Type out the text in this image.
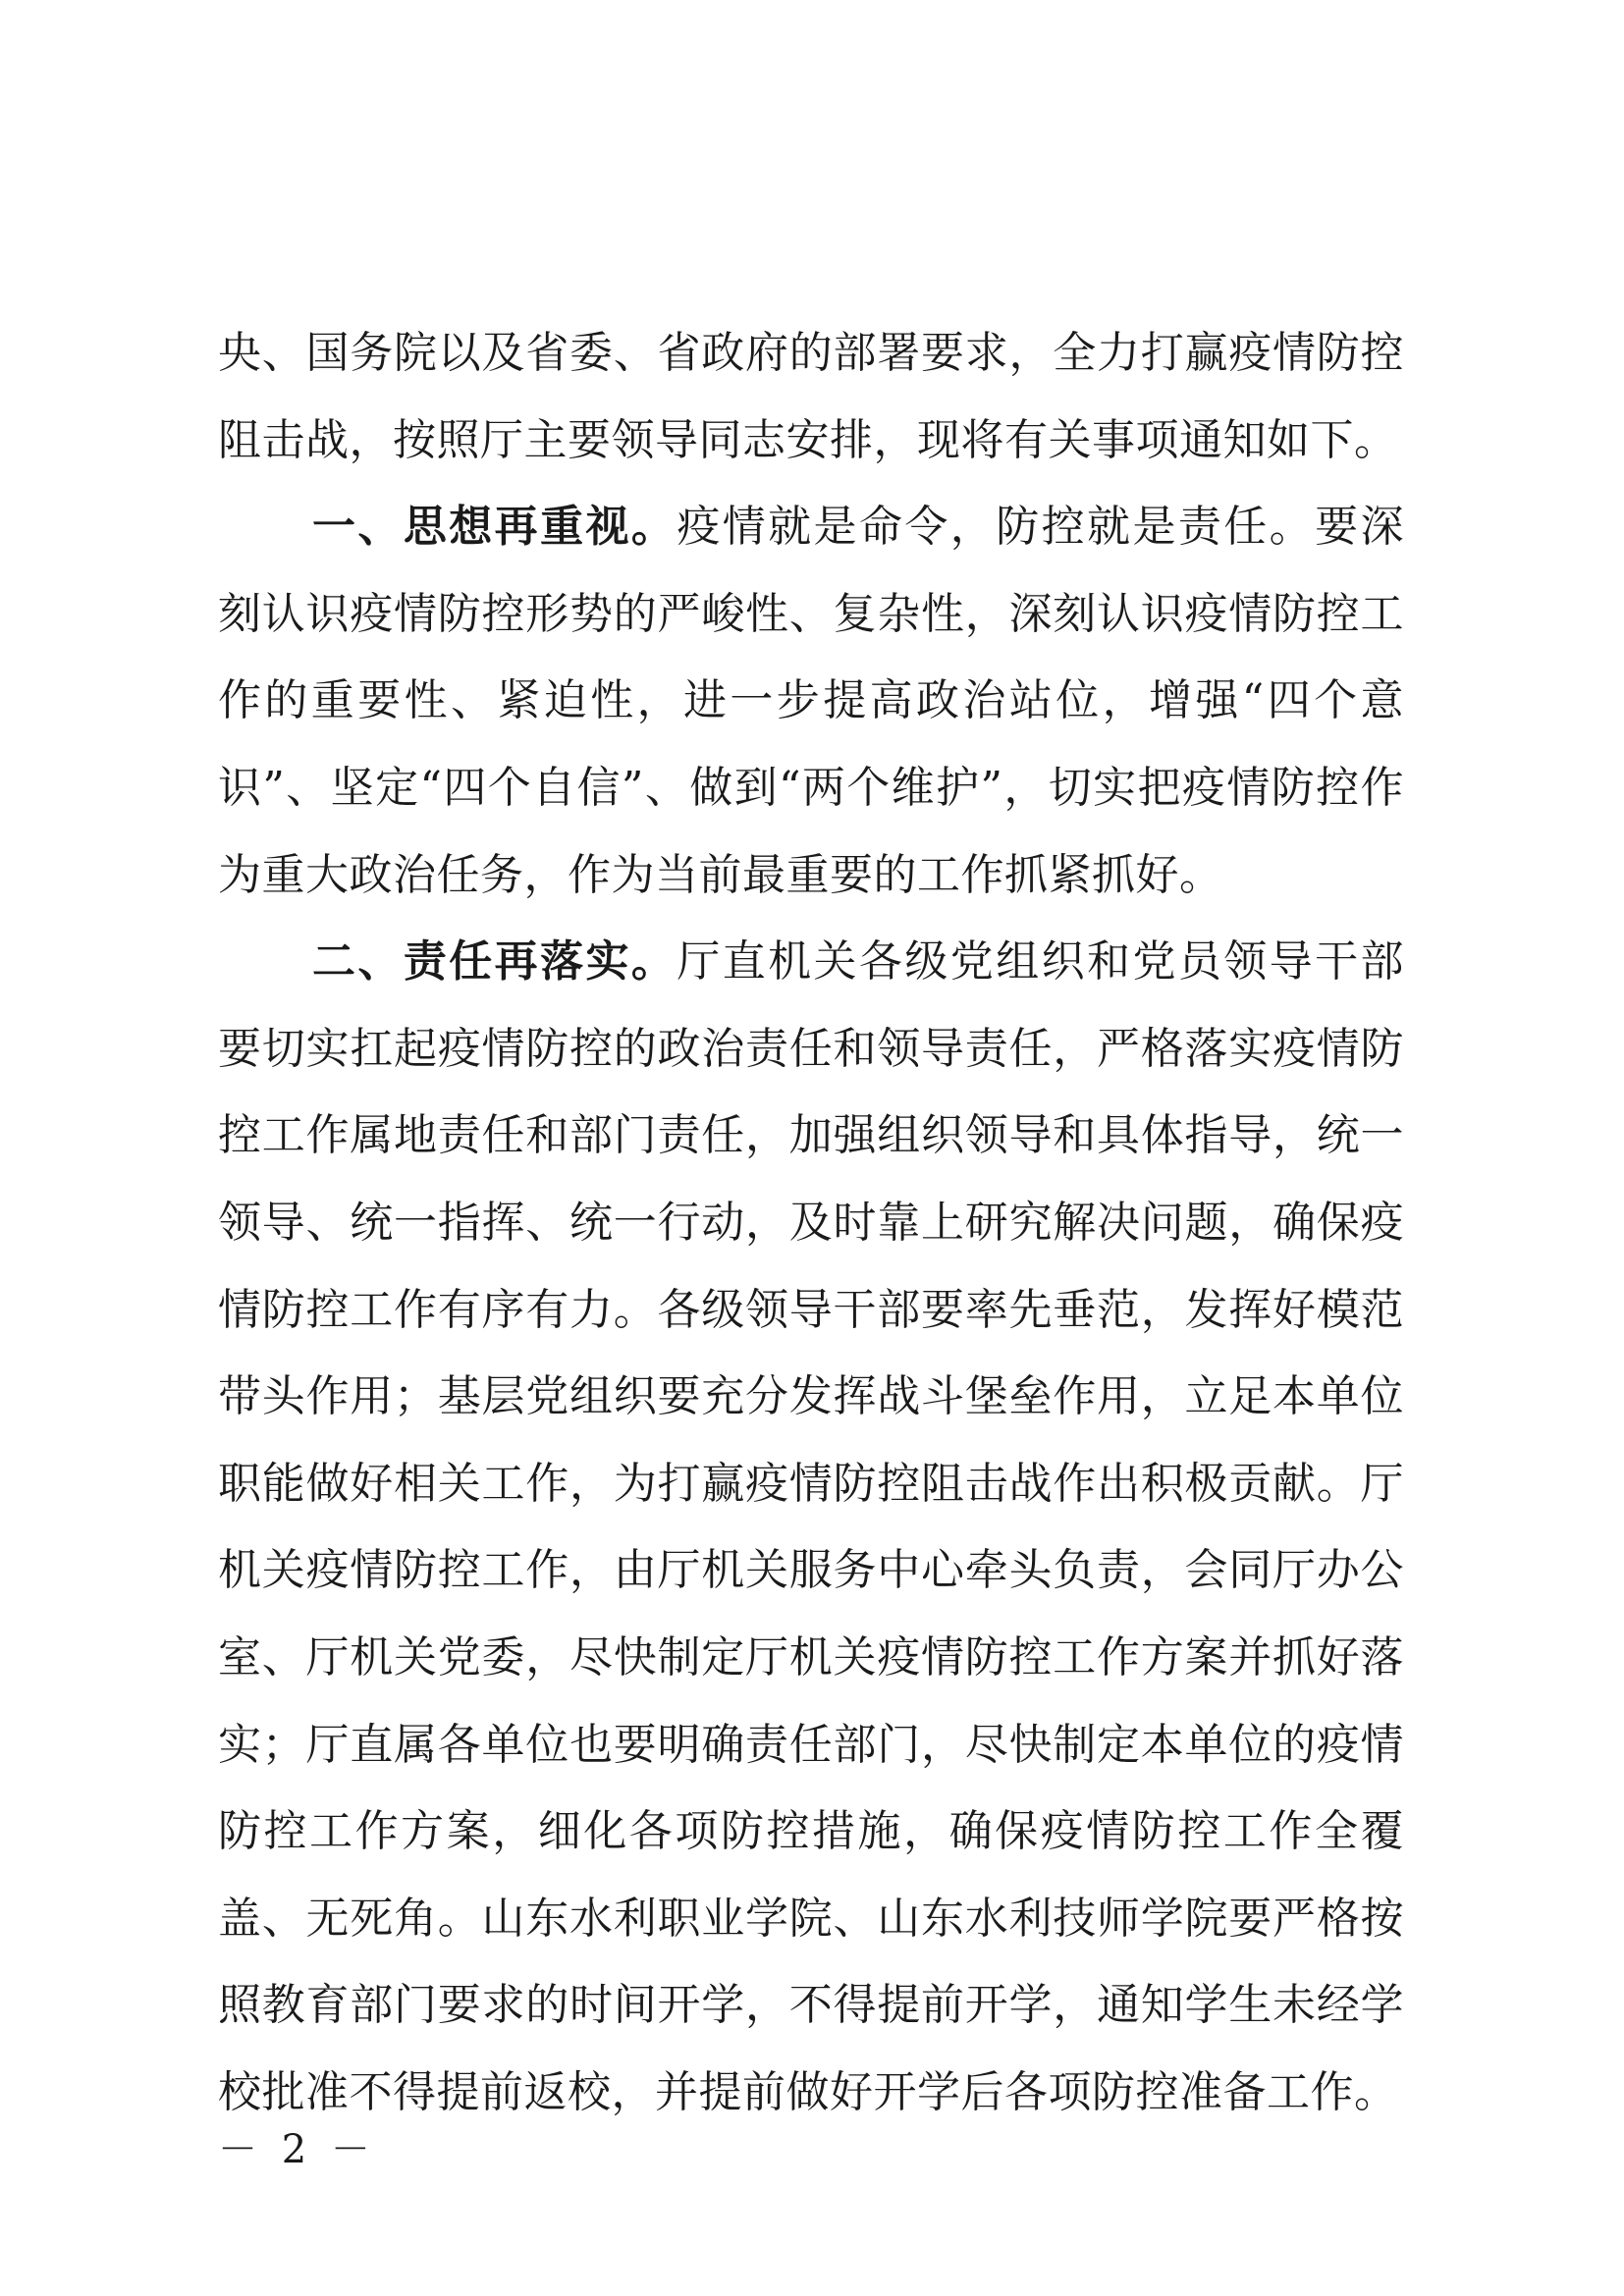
央、国务院以及省委、省政府的部署要求，全力打赢疫情防控阻击战，按照厅主要领导同志安排，现将有关事项通知如下。

一、思想再重视。疫情就是命令，防控就是责任。要深刻认识疫情防控形势的严峻性、复杂性，深刻认识疫情防控工作的重要性、紧迫性，进一步提高政治站位，增强“四个意识”、坚定“四个自信”、做到“两个维护”，切实把疫情防控作为重大政治任务，作为当前最重要的工作抓紧抓好。

二、责任再落实。厅直机关各级党组织和党员领导干部要切实扛起疫情防控的政治责任和领导责任，严格落实疫情防控工作属地责任和部门责任，加强组织领导和具体指导，统一领导、统一指挥、统一行动，及时靠上研究解决问题，确保疫情防控工作有序有力。各级领导干部要率先垂范，发挥好模范带头作用；基层党组织要充分发挥战斗堡垒作用，立足本单位职能做好相关工作，为打赢疫情防控阻击战作出积极贡献。厅机关疫情防控工作，由厅机关服务中心牵头负责，会同厅办公室、厅机关党委，尽快制定厅机关疫情防控工作方案并抓好落实；厅直属各单位也要明确责任部门，尽快制定本单位的疫情防控工作方案，细化各项防控措施，确保疫情防控工作全覆盖、无死角。山东水利职业学院、山东水利技师学院要严格按照教育部门要求的时间开学，不得提前开学，通知学生未经学校批准不得提前返校，并提前做好开学后各项防控准备工作。

－ 2 －
